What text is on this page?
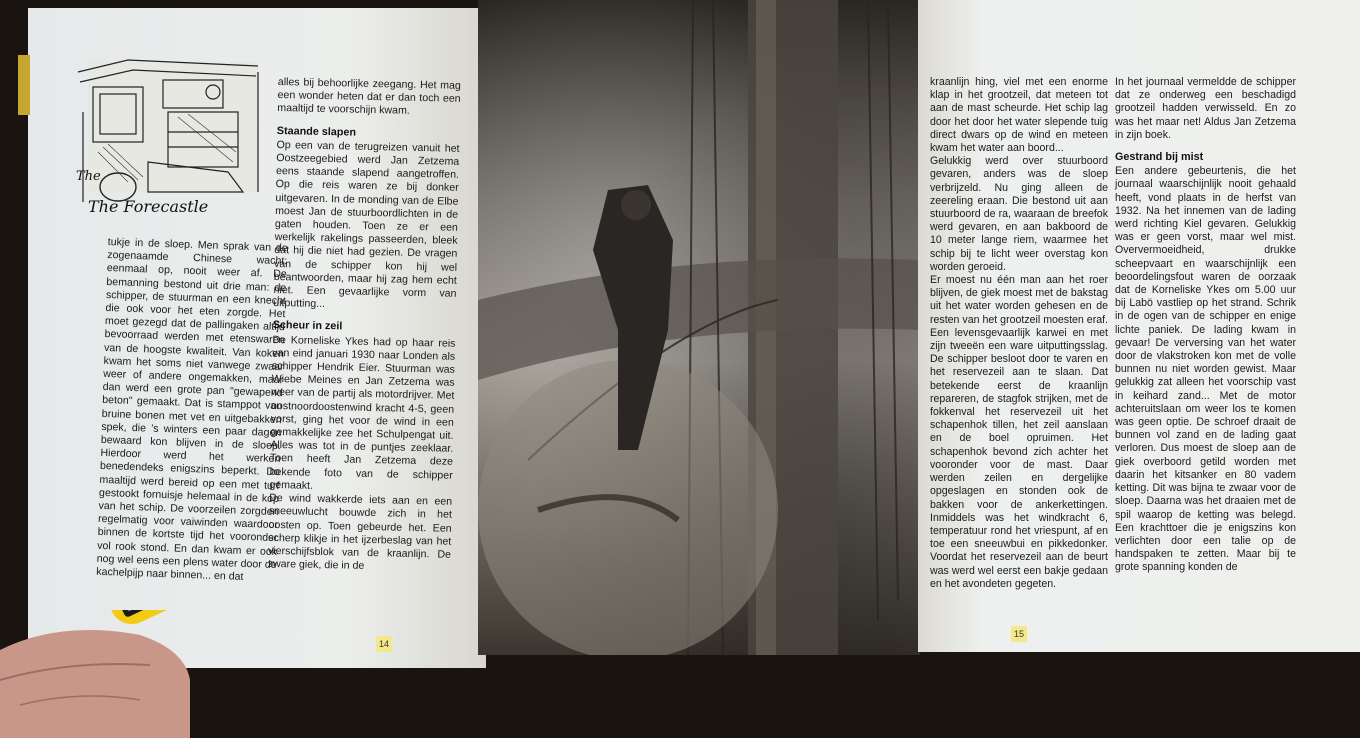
The
The Forecastle

tukje in de sloep. Men sprak van de zogenaamde Chinese wacht: eenmaal op, nooit weer af. De bemanning bestond uit drie man: de schipper, de stuurman en een knecht die ook voor het eten zorgde. Het moet gezegd dat de pallingaken altijd bevoorraad werden met etenswaren van de hoogste kwaliteit. Van koken kwam het soms niet vanwege zwaar weer of andere ongemakken, maar dan werd een grote pan "gewapend beton" gemaakt. Dat is stamppot van bruine bonen met vet en uitgebakken spek, die 's winters een paar dagen bewaard kon blijven in de sloep. Hierdoor werd het werken benedendeks enigszins beperkt. Do maaltijd werd bereid op een met turf gestookt fornuisje helemaal in de kop van het schip. De voorzeilen zorgden regelmatig voor vaiwinden waardoor binnen de kortste tijd het vooronder vol rook stond. En dan kwam er ook nog wel eens een plens water door de kachelpijp naar binnen... en dat

alles bij behoorlijke zeegang. Het mag een wonder heten dat er dan toch een maaltijd te voorschijn kwam.

Staande slapen

Op een van de terugreizen vanuit het Oostzeegebied werd Jan Zetzema eens staande slapend aangetroffen. Op die reis waren ze bij donker uitgevaren. In de monding van de Elbe moest Jan de stuurboordlichten in de gaten houden. Toen ze er een werkelijk rakelings passeerden, bleek dat hij die niet had gezien. De vragen van de schipper kon hij wel beantwoorden, maar hij zag hem echt niet. Een gevaarlijke vorm van uitputting...

Scheur in zeil

De Korneliske Ykes had op haar reis van eind januari 1930 naar Londen als schipper Hendrik Eier. Stuurman was Wiebe Meines en Jan Zetzema was weer van de partij als motordrijver. Met oostnoordoostenwind kracht 4-5, geen vorst, ging het voor de wind in een gemakkelijke zee het Schulpengat uit. Alles was tot in de puntjes zeeklaar. Toen heeft Jan Zetzema deze bekende foto van de schipper gemaakt.

De wind wakkerde iets aan en een sneeuwlucht bouwde zich in het oosten op. Toen gebeurde het. Een scherp klikje in het ijzerbeslag van het vierschijfsblok van de kraanlijn. De zware giek, die in de

14

kraanlijn hing, viel met een enorme klap in het grootzeil, dat meteen tot aan de mast scheurde. Het schip lag door het door het water slepende tuig direct dwars op de wind en meteen kwam het water aan boord...

Gelukkig werd over stuurboord gevaren, anders was de sloep verbrijzeld. Nu ging alleen de zeereling eraan. Die bestond uit aan stuurboord de ra, waaraan de breefok werd gevaren, en aan bakboord de 10 meter lange riem, waarmee het schip bij te licht weer overstag kon worden geroeid.

Er moest nu één man aan het roer blijven, de giek moest met de bakstag uit het water worden gehesen en de resten van het grootzeil moesten eraf. Een levensgevaarlijk karwei en met zijn tweeën een ware uitputtingsslag. De schipper besloot door te varen en het reservezeil aan te slaan. Dat betekende eerst de kraanlijn repareren, de stagfok strijken, met de fokkenval het reservezeil uit het schapenhok tillen, het zeil aanslaan en de boel opruimen. Het schapenhok bevond zich achter het vooronder voor de mast. Daar werden zeilen en dergelijke opgeslagen en stonden ook de bakken voor de ankerkettingen. Inmiddels was het windkracht 6, temperatuur rond het vriespunt, af en toe een sneeuwbui en pikkedonker. Voordat het reservezeil aan de beurt was werd wel eerst een bakje gedaan en het avondeten gegeten.

In het journaal vermeldde de schipper dat ze onderweg een beschadigd grootzeil hadden verwisseld. En zo was het maar net! Aldus Jan Zetzema in zijn boek.

Gestrand bij mist

Een andere gebeurtenis, die het journaal waarschijnlijk nooit gehaald heeft, vond plaats in de herfst van 1932. Na het innemen van de lading werd richting Kiel gevaren. Gelukkig was er geen vorst, maar wel mist. Oververmoeidheid, drukke scheepvaart en waarschijnlijk een beoordelingsfout waren de oorzaak dat de Korneliske Ykes om 5.00 uur bij Labö vastliep op het strand. Schrik in de ogen van de schipper en enige lichte paniek. De lading kwam in gevaar! De verversing van het water door de vlakstroken kon met de volle bunnen nu niet worden gewist. Maar gelukkig zat alleen het voorschip vast in keihard zand... Met de motor achteruitslaan om weer los te komen was geen optie. De schroef draait de bunnen vol zand en de lading gaat verloren. Dus moest de sloep aan de giek overboord getild worden met daarin het kitsanker en 80 vadem ketting. Dit was bijna te zwaar voor de sloep. Daarna was het draaien met de spil waarop de ketting was belegd. Een krachttoer die je enigszins kon verlichten door een talie op de handspaken te zetten. Maar bij te grote spanning konden de

15
